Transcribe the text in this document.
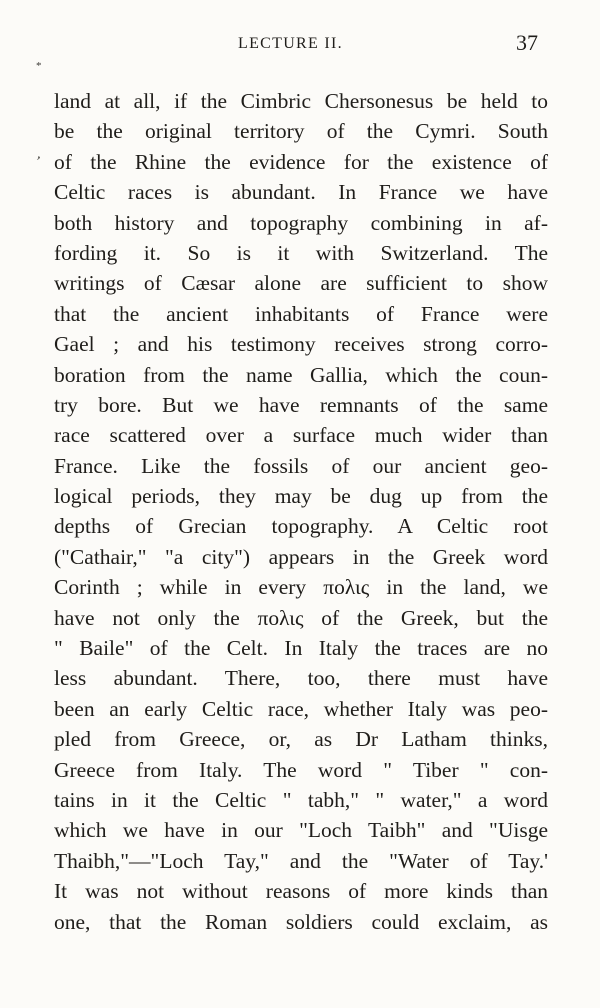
LECTURE II.	37
*
,
land at all, if the Cimbric Chersonesus be held to
be the original territory of the Cymri. South
of the Rhine the evidence for the existence of
Celtic races is abundant. In France we have
both history and topography combining in af-
fording it. So is it with Switzerland. The
writings of Cæsar alone are sufficient to show
that the ancient inhabitants of France were
Gael ; and his testimony receives strong corro-
boration from the name Gallia, which the coun-
try bore. But we have remnants of the same
race scattered over a surface much wider than
France. Like the fossils of our ancient geo-
logical periods, they may be dug up from the
depths of Grecian topography. A Celtic root
("Cathair," "a city") appears in the Greek word
Corinth ; while in every πολις in the land, we
have not only the πολις of the Greek, but the
" Baile" of the Celt. In Italy the traces are no
less abundant. There, too, there must have
been an early Celtic race, whether Italy was peo-
pled from Greece, or, as Dr Latham thinks,
Greece from Italy. The word " Tiber " con-
tains in it the Celtic " tabh," " water," a word
which we have in our "Loch Taibh" and "Uisge
Thaibh,"—"Loch Tay," and the "Water of Tay.'
It was not without reasons of more kinds than
one, that the Roman soldiers could exclaim, as
